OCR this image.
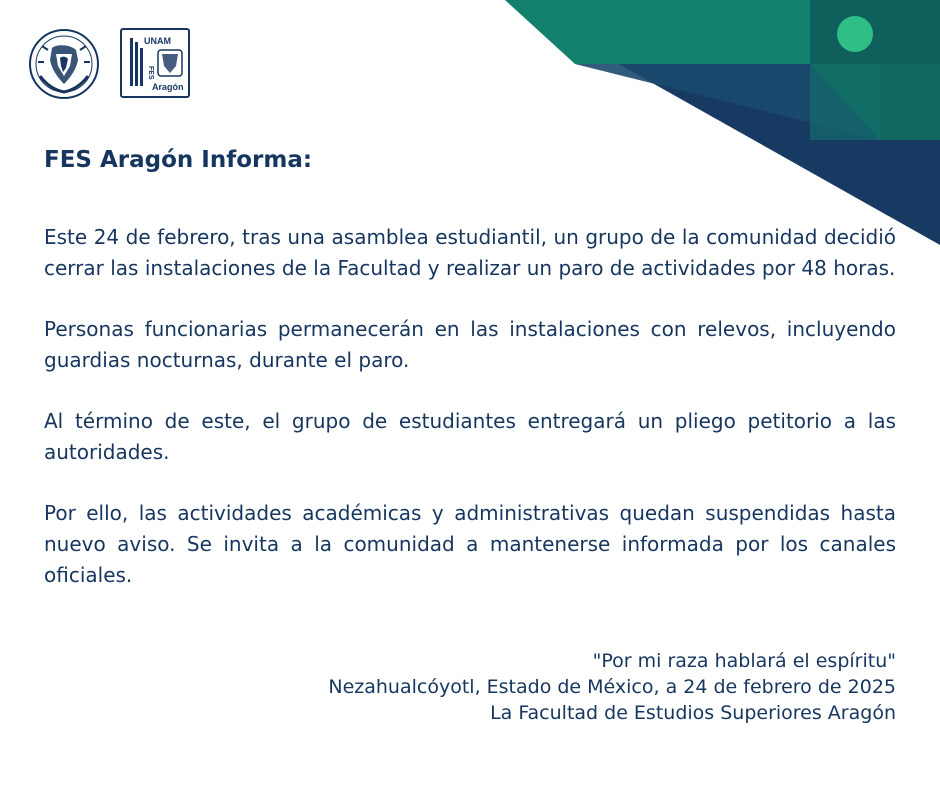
UNAM
FES
Aragón
FES Aragón Informa:

Este 24 de febrero, tras una asamblea estudiantil, un grupo de la comunidad decidió cerrar las instalaciones de la Facultad y realizar un paro de actividades por 48 horas.

Personas funcionarias permanecerán en las instalaciones con relevos, incluyendo guardias nocturnas, durante el paro.

Al término de este, el grupo de estudiantes entregará un pliego petitorio a las autoridades.

Por ello, las actividades académicas y administrativas quedan suspendidas hasta nuevo aviso. Se invita a la comunidad a mantenerse informada por los canales oficiales.

"Por mi raza hablará el espíritu"
Nezahualcóyotl, Estado de México, a 24 de febrero de 2025
La Facultad de Estudios Superiores Aragón
